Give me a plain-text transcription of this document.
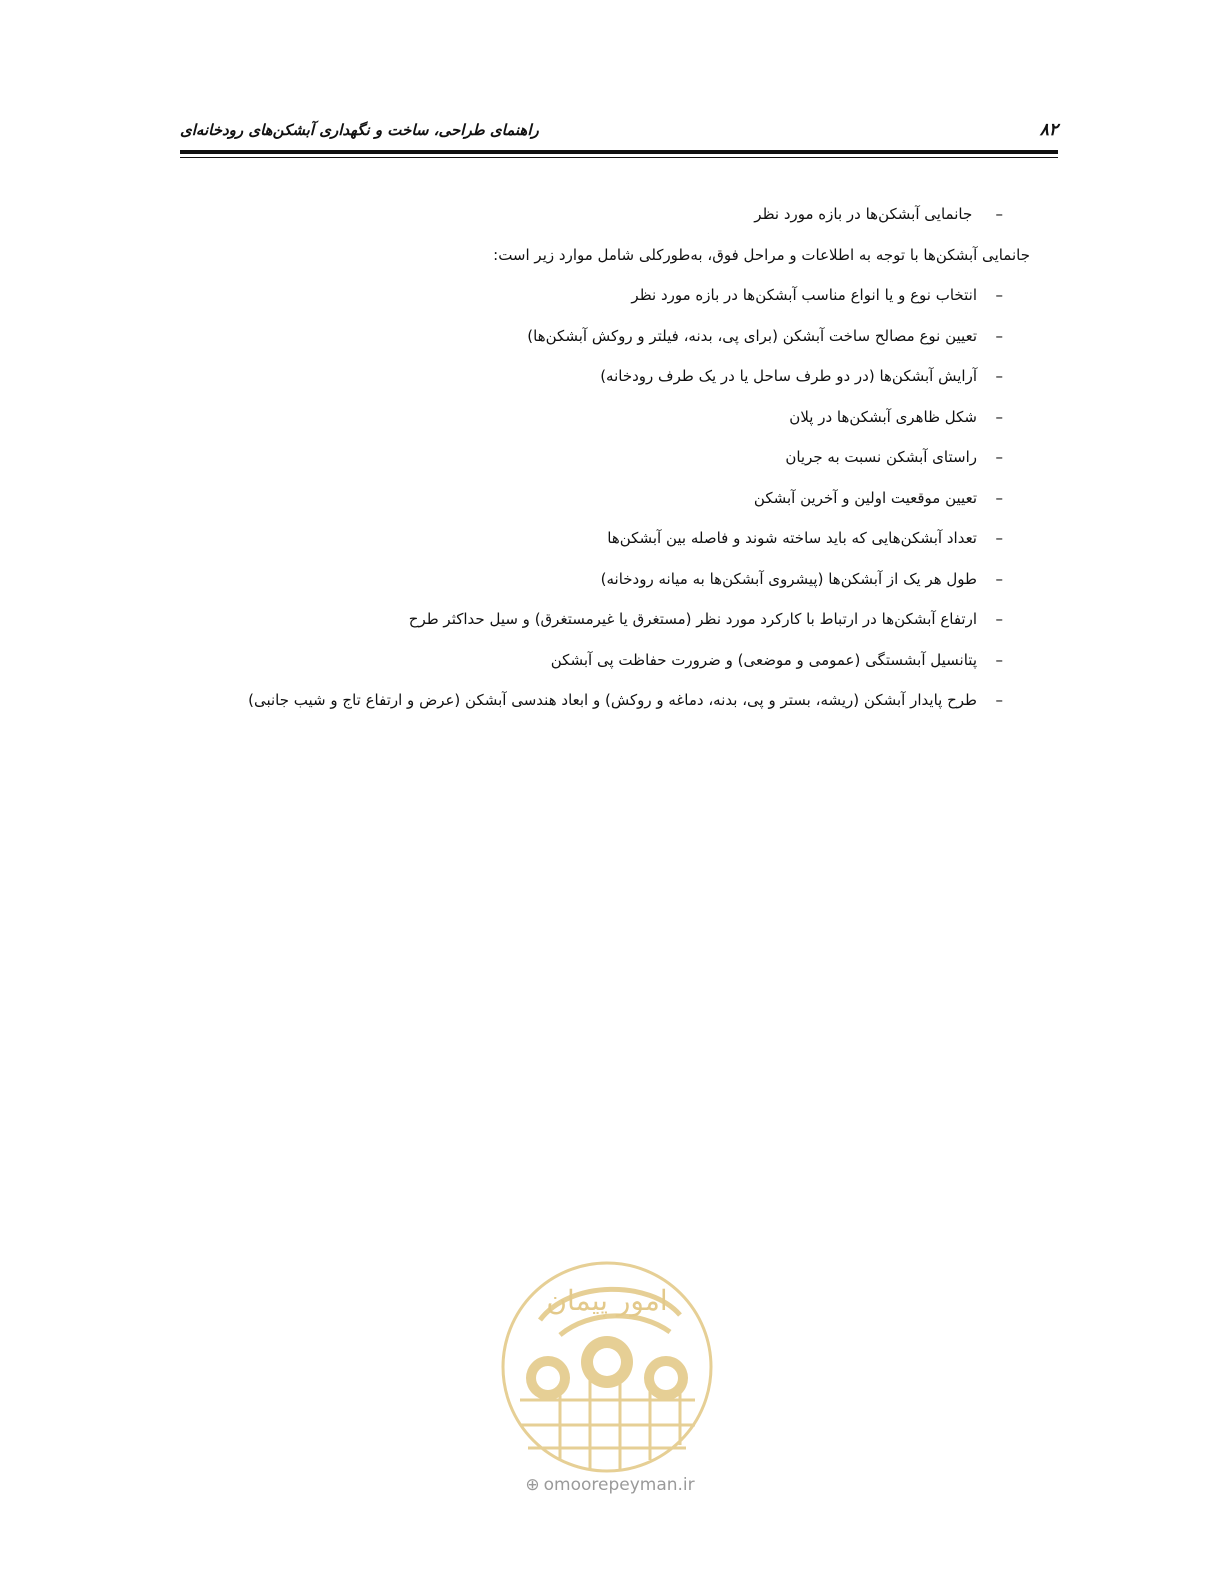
۸۲
راهنمای طراحی، ساخت و نگهداری آبشکن‌های رودخانه‌ای
– جانمایی آبشکن‌ها در بازه مورد نظر
جانمایی آبشکن‌ها با توجه به اطلاعات و مراحل فوق، به‌طورکلی شامل موارد زیر است:
–انتخاب نوع و یا انواع مناسب آبشکن‌ها در بازه مورد نظر
–تعیین نوع مصالح ساخت آبشکن (برای پی، بدنه، فیلتر و روکش آبشکن‌ها)
–آرایش آبشکن‌ها (در دو طرف ساحل یا در یک طرف رودخانه)
–شکل ظاهری آبشکن‌ها در پلان
–راستای آبشکن نسبت به جریان
–تعیین موقعیت اولین و آخرین آبشکن
–تعداد آبشکن‌هایی که باید ساخته شوند و فاصله بین آبشکن‌ها
–طول هر یک از آبشکن‌ها (پیشروی آبشکن‌ها به میانه رودخانه)
–ارتفاع آبشکن‌ها در ارتباط با کارکرد مورد نظر (مستغرق یا غیرمستغرق) و سیل حداکثر طرح
–پتانسیل آبشستگی (عمومی و موضعی) و ضرورت حفاظت پی آبشکن
–طرح پایدار آبشکن (ریشه، بستر و پی، بدنه، دماغه و روکش) و ابعاد هندسی آبشکن (عرض و ارتفاع تاج و شیب جانبی)
امور پیمان
⊕ omoorepeyman.ir
